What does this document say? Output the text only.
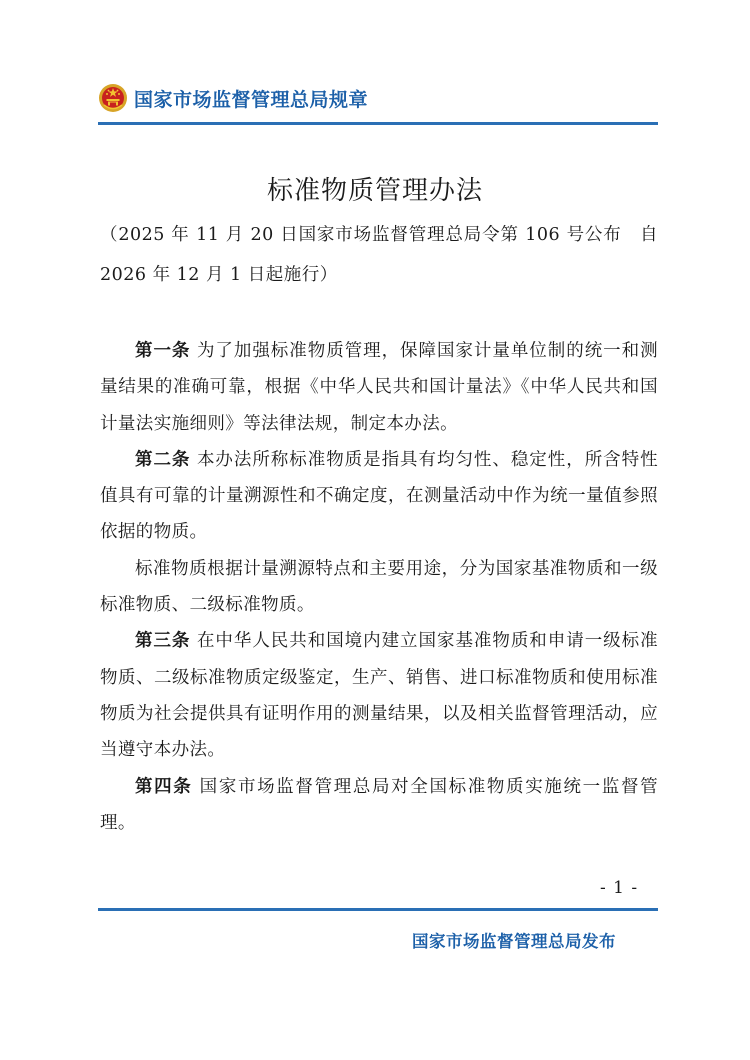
国家市场监督管理总局规章
标准物质管理办法
（2025 年 11 月 20 日国家市场监督管理总局令第 106 号公布　自 2026 年 12 月 1 日起施行）

第一条 为了加强标准物质管理，保障国家计量单位制的统一和测量结果的准确可靠，根据《中华人民共和国计量法》《中华人民共和国计量法实施细则》等法律法规，制定本办法。

第二条 本办法所称标准物质是指具有均匀性、稳定性，所含特性值具有可靠的计量溯源性和不确定度，在测量活动中作为统一量值参照依据的物质。

标准物质根据计量溯源特点和主要用途，分为国家基准物质和一级标准物质、二级标准物质。

第三条 在中华人民共和国境内建立国家基准物质和申请一级标准物质、二级标准物质定级鉴定，生产、销售、进口标准物质和使用标准物质为社会提供具有证明作用的测量结果，以及相关监督管理活动，应当遵守本办法。

第四条 国家市场监督管理总局对全国标准物质实施统一监督管理。

- 1 -
国家市场监督管理总局发布
